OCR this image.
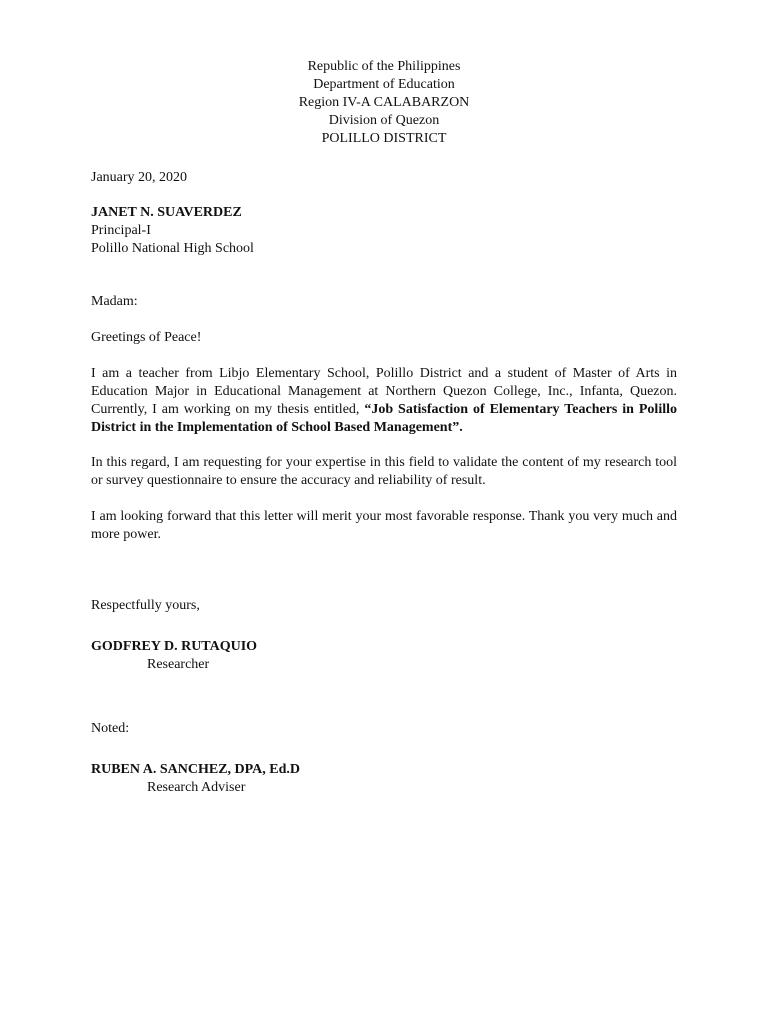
Republic of the Philippines
Department of Education
Region IV-A CALABARZON
Division of Quezon
POLILLO DISTRICT
January 20, 2020
JANET N. SUAVERDEZ
Principal-I
Polillo National High School
Madam:
Greetings of Peace!
I am a teacher from Libjo Elementary School, Polillo District and a student of Master of Arts in Education Major in Educational Management at Northern Quezon College, Inc., Infanta, Quezon. Currently, I am working on my thesis entitled, “Job Satisfaction of Elementary Teachers in Polillo District in the Implementation of School Based Management”.
In this regard, I am requesting for your expertise in this field to validate the content of my research tool or survey questionnaire to ensure the accuracy and reliability of result.
I am looking forward that this letter will merit your most favorable response. Thank you very much and more power.
Respectfully yours,
GODFREY D. RUTAQUIO
Researcher
Noted:
RUBEN A. SANCHEZ, DPA, Ed.D
Research Adviser
